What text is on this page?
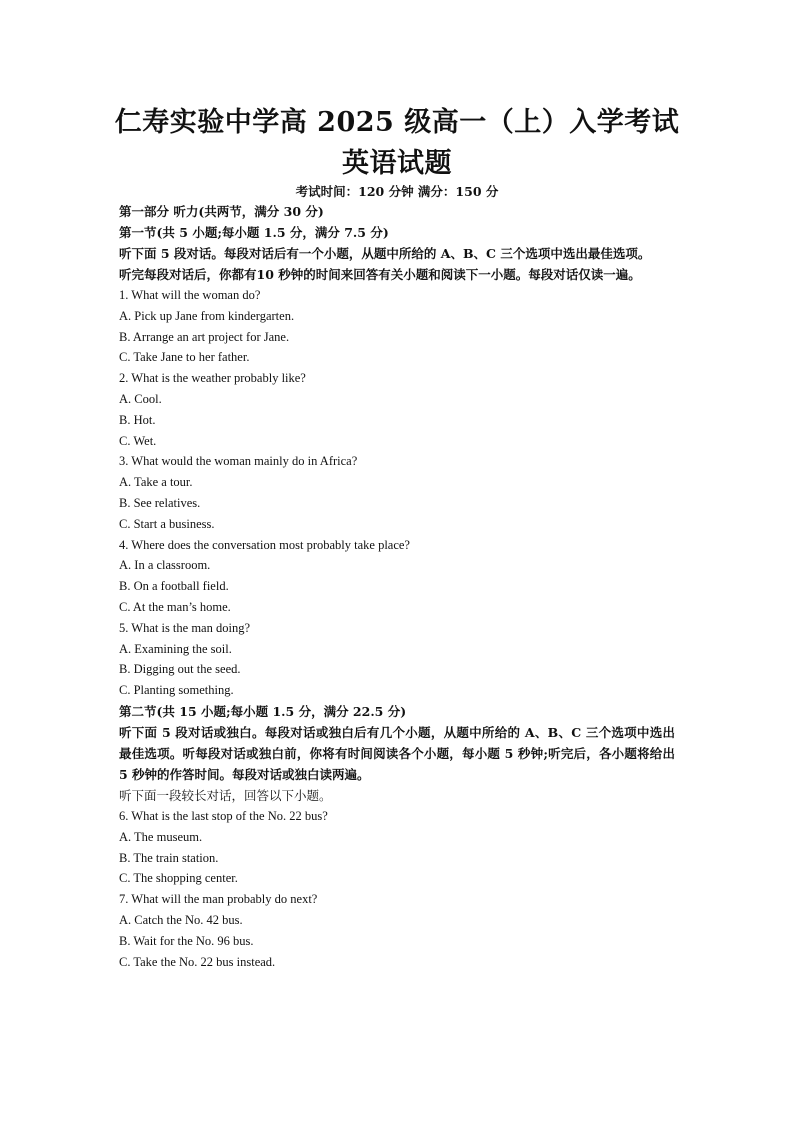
仁寿实验中学高 2025 级高一（上）入学考试
英语试题
考试时间：120 分钟 满分：150 分
第一部分 听力(共两节，满分 30 分)
第一节(共 5 小题;每小题 1.5 分，满分 7.5 分)
听下面 5 段对话。每段对话后有一个小题，从题中所给的 A、B、C 三个选项中选出最佳选项。
听完每段对话后，你都有10 秒钟的时间来回答有关小题和阅读下一小题。每段对话仅读一遍。
1. What will the woman do?
A. Pick up Jane from kindergarten.
B. Arrange an art project for Jane.
C. Take Jane to her father.
2. What is the weather probably like?
A. Cool.
B. Hot.
C. Wet.
3. What would the woman mainly do in Africa?
A. Take a tour.
B. See relatives.
C. Start a business.
4. Where does the conversation most probably take place?
A. In a classroom.
B. On a football field.
C. At the man’s home.
5. What is the man doing?
A. Examining the soil.
B. Digging out the seed.
C. Planting something.
第二节(共 15 小题;每小题 1.5 分，满分 22.5 分)
听下面 5 段对话或独白。每段对话或独白后有几个小题，从题中所给的 A、B、C 三个选项中选出最佳选项。听每段对话或独白前，你将有时间阅读各个小题，每小题 5 秒钟;听完后，各小题将给出 5 秒钟的作答时间。每段对话或独白读两遍。
听下面一段较长对话，回答以下小题。
6. What is the last stop of the No. 22 bus?
A. The museum.
B. The train station.
C. The shopping center.
7. What will the man probably do next?
A. Catch the No. 42 bus.
B. Wait for the No. 96 bus.
C. Take the No. 22 bus instead.
